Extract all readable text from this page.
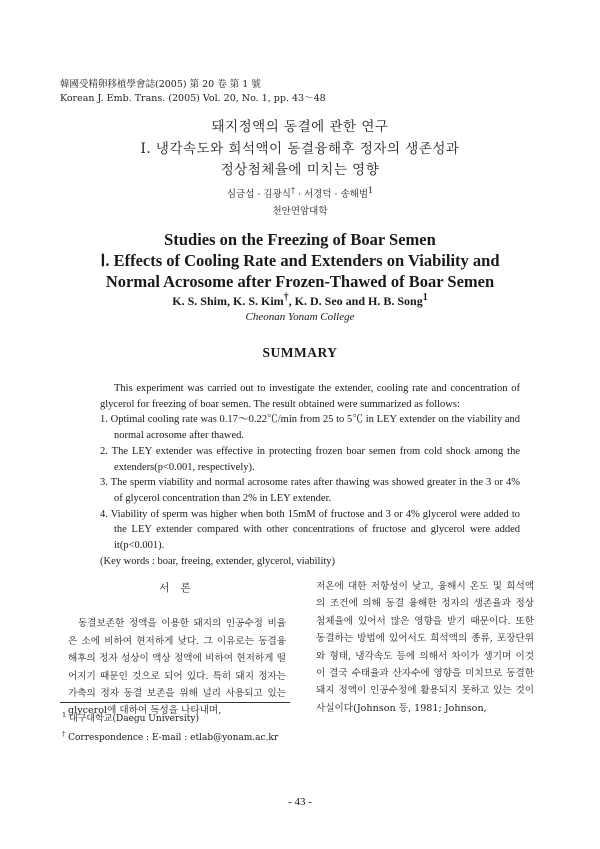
韓國受精卵移植學會誌(2005) 第 20 卷 第 1 號
Korean J. Emb. Trans. (2005) Vol. 20, No. 1, pp. 43～48
돼지정액의 동결에 관한 연구
Ⅰ. 냉각속도와 희석액이 동결융해후 정자의 생존성과
정상첨체율에 미치는 영향
심금섭 · 김광식† · 서경덕 · 송해범$^1$
천안연암대학
Studies on the Freezing of Boar Semen
Ⅰ. Effects of Cooling Rate and Extenders on Viability and
Normal Acrosome after Frozen-Thawed of Boar Semen
K. S. Shim, K. S. Kim†, K. D. Seo and H. B. Song$^1$
Cheonan Yonam College
SUMMARY

This experiment was carried out to investigate the extender, cooling rate and concentration of glycerol for freezing of boar semen. The result obtained were summarized as follows:

1. Optimal cooling rate was 0.17～0.22℃/min from 25 to 5℃ in LEY extender on the viability and normal acrosome after thawed.
2. The LEY extender was effective in protecting frozen boar semen from cold shock among the extenders(p<0.001, respectively).
3. The sperm viability and normal acrosome rates after thawing was showed greater in the 3 or 4% of glycerol concentration than 2% in LEY extender.
4. Viability of sperm was higher when both 15mM of fructose and 3 or 4% glycerol were added to the LEY extender compared with other concentrations of fructose and glycerol were added it(p<0.001).

(Key words : boar, freeing, extender, glycerol, viability)

서 론

동결보존한 정액을 이용한 돼지의 인공수정 비율은 소에 비하여 현저하게 낮다. 그 이유로는 동결융해후의 정자 성상이 액상 정액에 비하여 현저하게 떨어지기 때문인 것으로 되어 있다. 특히 돼지 정자는 가축의 정자 동결 보존을 위해 널리 사용되고 있는 glycerol에 대하여 독성을 나타내며,

저온에 대한 저항성이 낮고, 융해시 온도 및 희석액의 조건에 의해 동결 융해한 정자의 생존율과 정상 첨체율에 있어서 많은 영향을 받기 때문이다. 또한 동결하는 방법에 있어서도 희석액의 종류, 포장단위와 형태, 냉각속도 등에 의해서 차이가 생기며 이것이 결국 수태율과 산자수에 영향을 미치므로 동결한 돼지 정액이 인공수정에 활용되지 못하고 있는 것이 사실이다(Johnson 등, 1981; Johnson,

$^1$ 대구대학교(Daegu University)
† Correspondence : E-mail : etlab@yonam.ac.kr
- 43 -
